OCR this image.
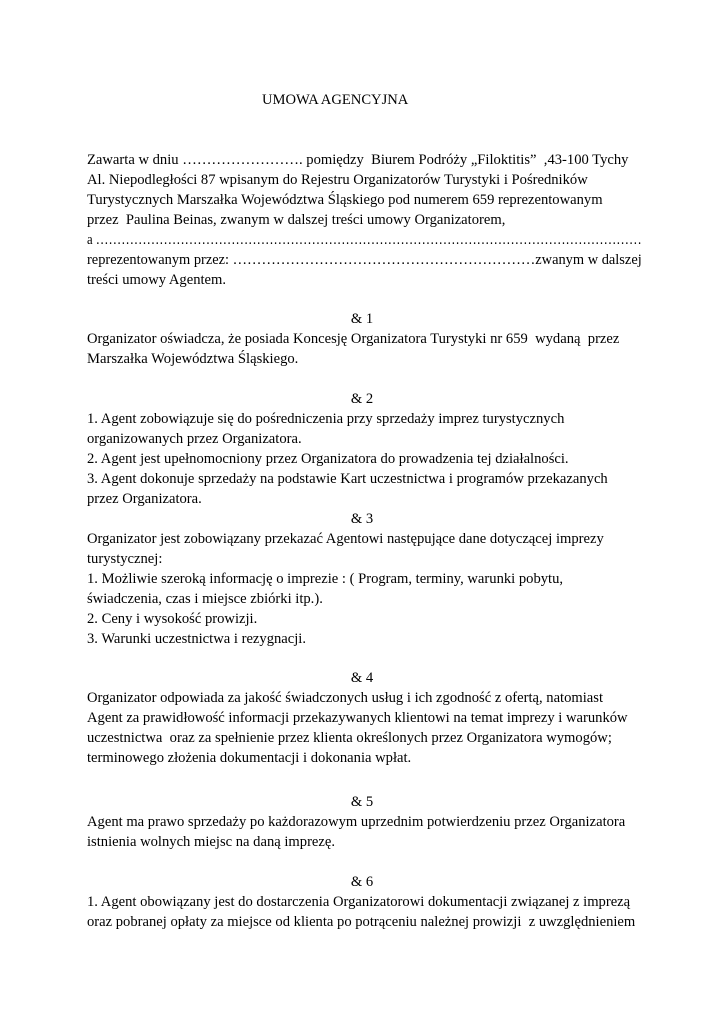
UMOWA AGENCYJNA
Zawarta w dniu ……………………. pomiędzy  Biurem Podróży „Filoktitis”  ,43-100 Tychy
Al. Niepodległości 87 wpisanym do Rejestru Organizatorów Turystyki i Pośredników
Turystycznych Marszałka Województwa Śląskiego pod numerem 659 reprezentowanym
przez  Paulina Beinas, zwanym w dalszej treści umowy Organizatorem,
a …………………………………………………………………………………………………………………
reprezentowanym przez: ………………………………………………………zwanym w dalszej
treści umowy Agentem.
& 1
Organizator oświadcza, że posiada Koncesję Organizatora Turystyki nr 659  wydaną  przez
Marszałka Województwa Śląskiego.
& 2
1. Agent zobowiązuje się do pośredniczenia przy sprzedaży imprez turystycznych
organizowanych przez Organizatora.
2. Agent jest upełnomocniony przez Organizatora do prowadzenia tej działalności.
3. Agent dokonuje sprzedaży na podstawie Kart uczestnictwa i programów przekazanych
przez Organizatora.
& 3
Organizator jest zobowiązany przekazać Agentowi następujące dane dotyczącej imprezy
turystycznej:
1. Możliwie szeroką informację o imprezie : ( Program, terminy, warunki pobytu,
świadczenia, czas i miejsce zbiórki itp.).
2. Ceny i wysokość prowizji.
3. Warunki uczestnictwa i rezygnacji.
& 4
Organizator odpowiada za jakość świadczonych usług i ich zgodność z ofertą, natomiast
Agent za prawidłowość informacji przekazywanych klientowi na temat imprezy i warunków
uczestnictwa  oraz za spełnienie przez klienta określonych przez Organizatora wymogów;
terminowego złożenia dokumentacji i dokonania wpłat.
& 5
Agent ma prawo sprzedaży po każdorazowym uprzednim potwierdzeniu przez Organizatora
istnienia wolnych miejsc na daną imprezę.
& 6
1. Agent obowiązany jest do dostarczenia Organizatorowi dokumentacji związanej z imprezą
oraz pobranej opłaty za miejsce od klienta po potrąceniu należnej prowizji  z uwzględnieniem
